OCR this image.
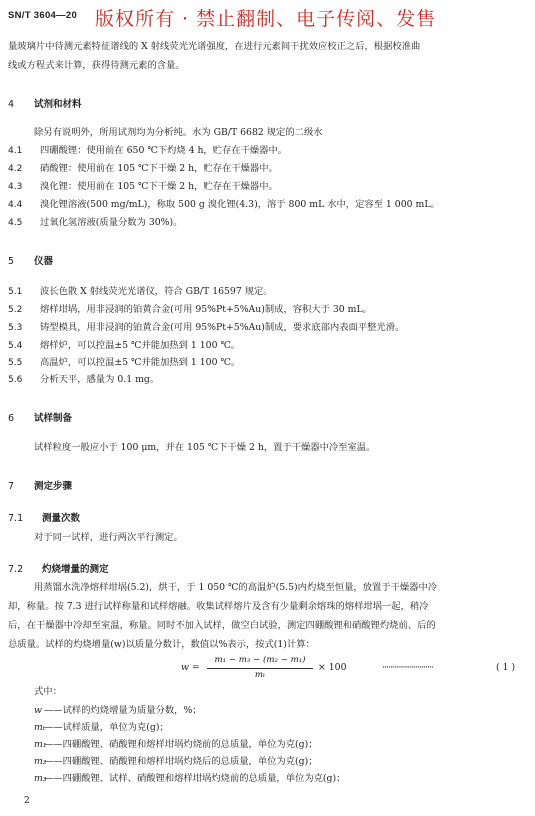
SN/T 3604—20 版权所有 · 禁止翻制、电子传阅、发售
量玻璃片中待测元素特征谱线的 X 射线荧光光谱强度，在进行元素间干扰效应校正之后，根据校准曲
线或方程式来计算，获得待测元素的含量。
4 试剂和材料
除另有说明外，所用试剂均为分析纯。水为 GB/T 6682 规定的二级水
4.1 四硼酸锂：使用前在 650 ℃下灼烧 4 h，贮存在干燥器中。
4.2 硝酸锂：使用前在 105 ℃下干燥 2 h，贮存在干燥器中。
4.3 溴化锂：使用前在 105 ℃下干燥 2 h，贮存在干燥器中。
4.4 溴化锂溶液(500 mg/mL)，称取 500 g 溴化锂(4.3)，溶于 800 mL 水中，定容至 1 000 mL。
4.5 过氧化氢溶液(质量分数为 30%)。
5 仪器
5.1 波长色散 X 射线荧光光谱仪，符合 GB/T 16597 规定。
5.2 熔样坩埚，用非浸润的铂黄合金(可用 95%Pt+5%Au)制成，容积大于 30 mL。
5.3 铸型模具，用非浸润的铂黄合金(可用 95%Pt+5%Au)制成，要求底部内表面平整光滑。
5.4 熔样炉，可以控温±5 ℃并能加热到 1 100 ℃。
5.5 高温炉，可以控温±5 ℃并能加热到 1 100 ℃。
5.6 分析天平，感量为 0.1 mg。
6 试样制备
试样粒度一般应小于 100 μm，并在 105 ℃下干燥 2 h，置于干燥器中冷至室温。
7 测定步骤
7.1 测量次数
对于同一试样，进行两次平行测定。
7.2 灼烧增量的测定
用蒸馏水洗净熔样坩埚(5.2)，烘干，于 1 050 ℃的高温炉(5.5)内灼烧至恒量，放置于干燥器中冷
却，称量。按 7.3 进行试样称量和试样熔融。收集试样熔片及含有少量剩余熔珠的熔样坩埚一起，稍冷
后，在干燥器中冷却至室温，称量。同时不加入试样，做空白试验，测定四硼酸锂和硝酸锂灼烧前、后的
总质量。试样的灼烧增量(w)以质量分数计，数值以%表示，按式(1)计算：
w =
m₁ − m₃ − (m₂ − m₁)
mₜ
× 100	··························	( 1 )
式中：
w ——试样的灼烧增量为质量分数，%；
mₜ——试样质量，单位为克(g)；
m₁——四硼酸锂、硝酸锂和熔样坩埚灼烧前的总质量，单位为克(g)；
m₂——四硼酸锂、硝酸锂和熔样坩埚灼烧后的总质量，单位为克(g)；
m₃——四硼酸锂、试样、硝酸锂和熔样坩埚灼烧前的总质量，单位为克(g)；
2
